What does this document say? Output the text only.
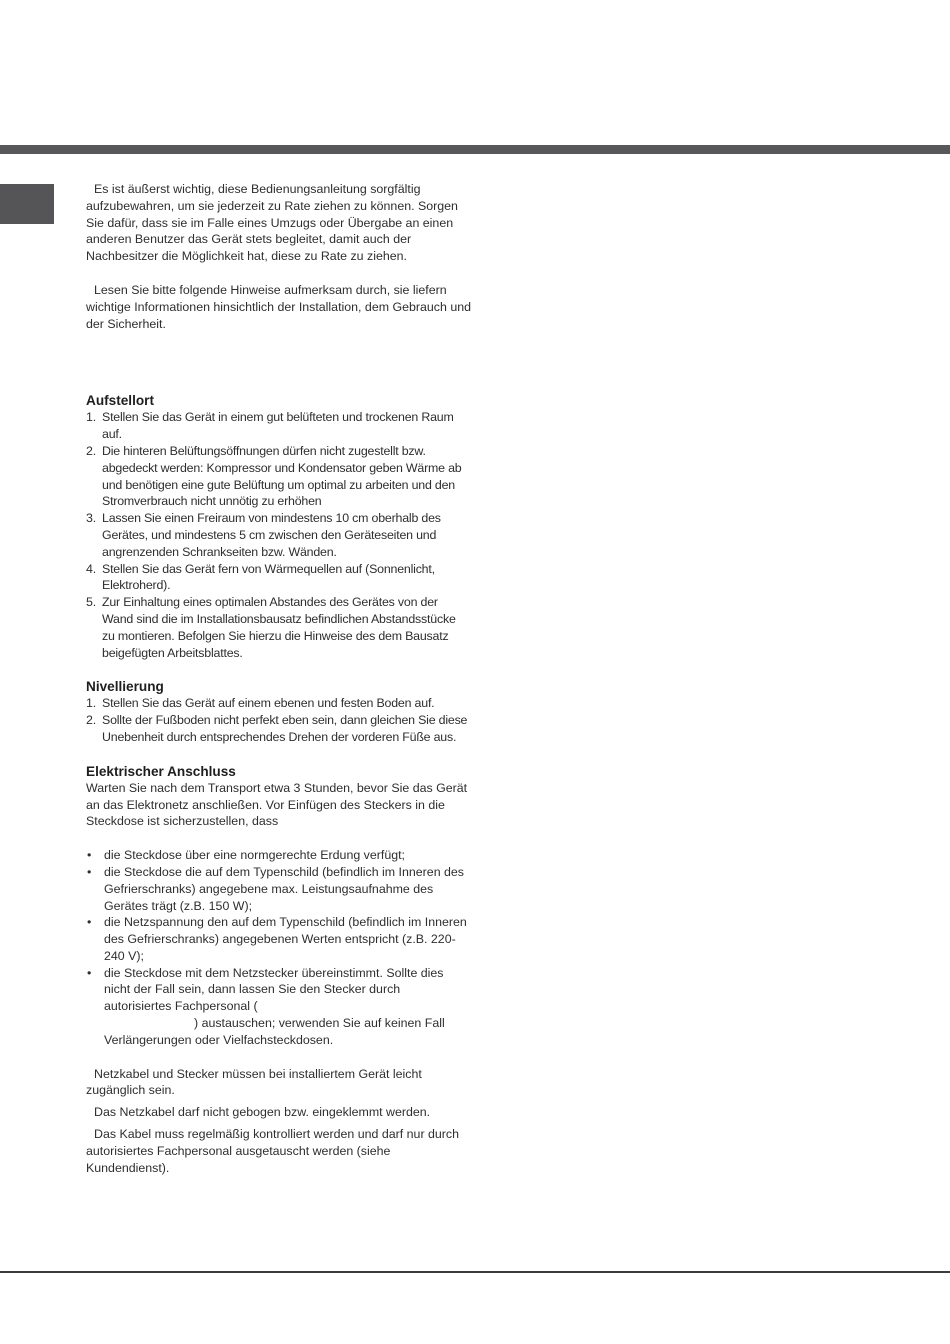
Es ist äußerst wichtig, diese Bedienungsanleitung sorgfältig aufzubewahren, um sie jederzeit zu Rate ziehen zu können. Sorgen Sie dafür, dass sie im Falle eines Umzugs oder Übergabe an einen anderen Benutzer das Gerät stets begleitet, damit auch der Nachbesitzer die Möglichkeit hat, diese zu Rate zu ziehen.

Lesen Sie bitte folgende Hinweise aufmerksam durch, sie liefern wichtige Informationen hinsichtlich der Installation, dem Gebrauch und der Sicherheit.

Aufstellort
1. Stellen Sie das Gerät in einem gut belüfteten und trockenen Raum auf.
2. Die hinteren Belüftungsöffnungen dürfen nicht zugestellt bzw. abgedeckt werden: Kompressor und Kondensator geben Wärme ab und benötigen eine gute Belüftung um optimal zu arbeiten und den Stromverbrauch nicht unnötig zu erhöhen
3. Lassen Sie einen Freiraum von mindestens 10 cm oberhalb des Gerätes, und mindestens 5 cm zwischen den Geräteseiten und angrenzenden Schrankseiten bzw. Wänden.
4. Stellen Sie das Gerät fern von Wärmequellen auf (Sonnenlicht, Elektroherd).
5. Zur Einhaltung eines optimalen Abstandes des Gerätes von der Wand sind die im Installationsbausatz befindlichen Abstandsstücke zu montieren. Befolgen Sie hierzu die Hinweise des dem Bausatz beigefügten Arbeitsblattes.
Nivellierung
1. Stellen Sie das Gerät auf einem ebenen und festen Boden auf.
2. Sollte der Fußboden nicht perfekt eben sein, dann gleichen Sie diese Unebenheit durch entsprechendes Drehen der vorderen Füße aus.
Elektrischer Anschluss

Warten Sie nach dem Transport etwa 3 Stunden, bevor Sie das Gerät an das Elektronetz anschließen. Vor Einfügen des Steckers in die Steckdose ist sicherzustellen, dass

• die Steckdose über eine normgerechte Erdung verfügt;
• die Steckdose die auf dem Typenschild (befindlich im Inneren des Gefrierschranks) angegebene max. Leistungsaufnahme des Gerätes trägt (z.B. 150 W);
• die Netzspannung den auf dem Typenschild (befindlich im Inneren des Gefrierschranks) angegebenen Werten entspricht (z.B. 220-240 V);
• die Steckdose mit dem Netzstecker übereinstimmt. Sollte dies nicht der Fall sein, dann lassen Sie den Stecker durch autorisiertes Fachpersonal (
) austauschen; verwenden Sie auf keinen Fall Verlängerungen oder Vielfachsteckdosen.

Netzkabel und Stecker müssen bei installiertem Gerät leicht zugänglich sein.

Das Netzkabel darf nicht gebogen bzw. eingeklemmt werden.

Das Kabel muss regelmäßig kontrolliert werden und darf nur durch autorisiertes Fachpersonal ausgetauscht werden (siehe Kundendienst).
